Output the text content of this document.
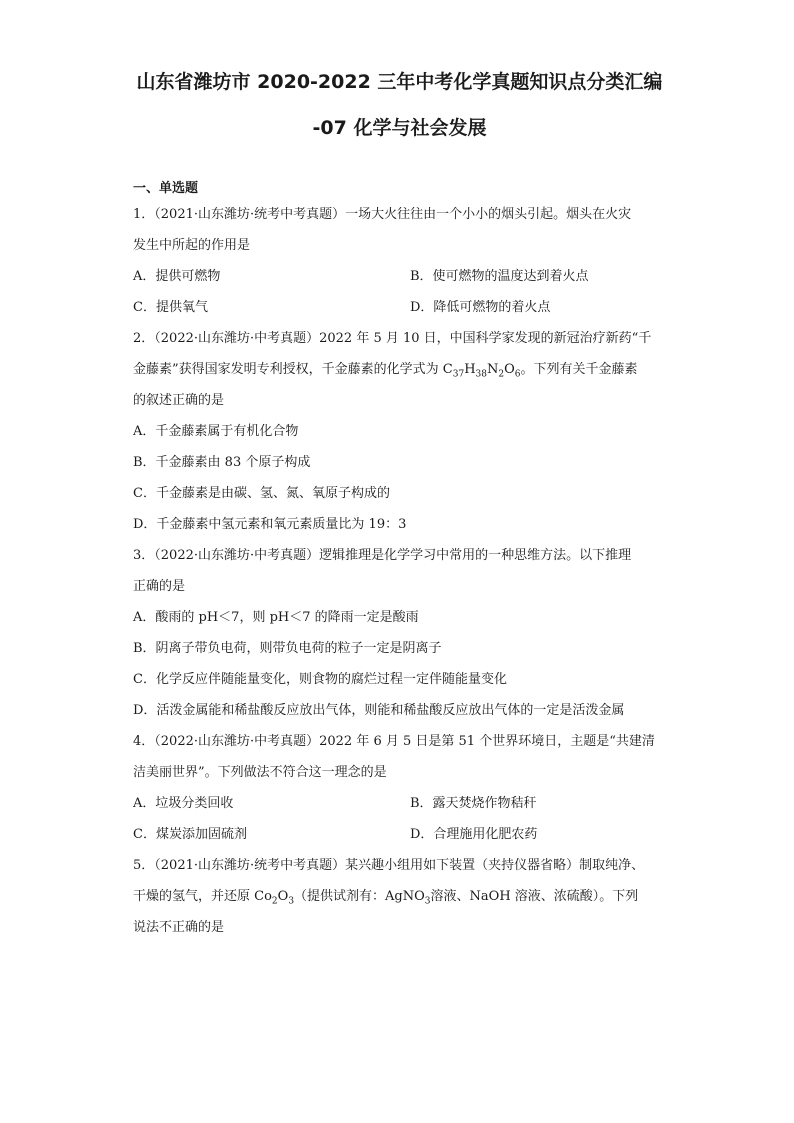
山东省潍坊市 2020-2022 三年中考化学真题知识点分类汇编
-07 化学与社会发展
一、单选题

1．（2021·山东潍坊·统考中考真题）一场大火往往由一个小小的烟头引起。烟头在火灾

发生中所起的作用是

A．提供可燃物	B．使可燃物的温度达到着火点
C．提供氧气	D．降低可燃物的着火点

2．（2022·山东潍坊·中考真题）2022 年 5 月 10 日，中国科学家发现的新冠治疗新药“千

金藤素”获得国家发明专利授权，千金藤素的化学式为 $C_{37}H_{38}N_2O_6$。下列有关千金藤素

的叙述正确的是

A．千金藤素属于有机化合物

B．千金藤素由 83 个原子构成

C．千金藤素是由碳、氢、氮、氧原子构成的

D．千金藤素中氢元素和氧元素质量比为 19：3

3．（2022·山东潍坊·中考真题）逻辑推理是化学学习中常用的一种思维方法。以下推理

正确的是

A．酸雨的 pH＜7，则 pH＜7 的降雨一定是酸雨

B．阴离子带负电荷，则带负电荷的粒子一定是阴离子

C．化学反应伴随能量变化，则食物的腐烂过程一定伴随能量变化

D．活泼金属能和稀盐酸反应放出气体，则能和稀盐酸反应放出气体的一定是活泼金属

4．（2022·山东潍坊·中考真题）2022 年 6 月 5 日是第 51 个世界环境日，主题是“共建清

洁美丽世界”。下列做法不符合这一理念的是

A．垃圾分类回收	B．露天焚烧作物秸秆
C．煤炭添加固硫剂	D．合理施用化肥农药

5．（2021·山东潍坊·统考中考真题）某兴趣小组用如下装置（夹持仪器省略）制取纯净、

干燥的氢气，并还原 $Co_2O_3$（提供试剂有：AgNO$_3$溶液、NaOH 溶液、浓硫酸）。下列

说法不正确的是
